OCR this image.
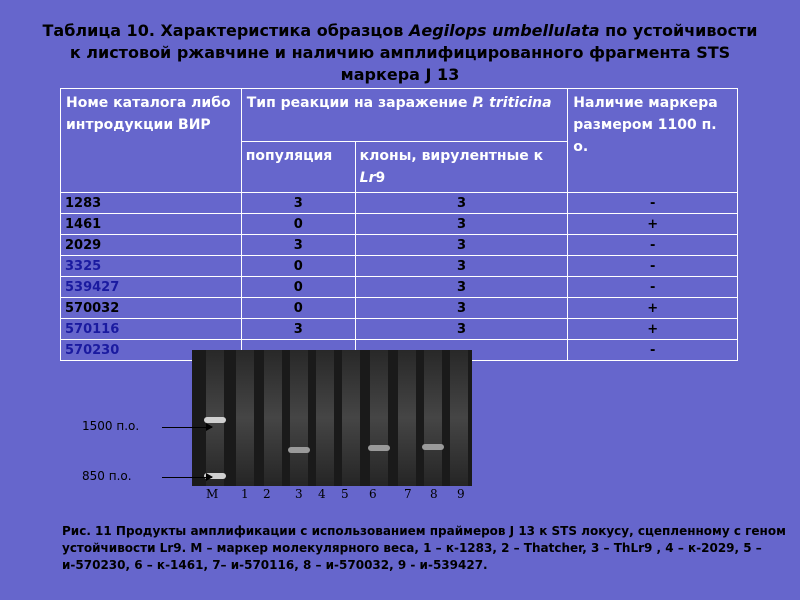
Таблица 10. Характеристика образцов Aegilops umbellulata по устойчивости
к листовой ржавчине и наличию амплифицированного фрагмента STS
маркера J 13
Номе каталога либо интродукции ВИР	Тип реакции на заражение P. triticina		Наличие маркера размером 1100 п. о.
	популяция	клоны, вирулентные к Lr9	
1283	3	3	-
1461	0	3	+
2029	3	3	-
3325	0	3	-
539427	0	3	-
570032	0	3	+
570116	3	3	+
570230			-
1500 п.о.
850 п.о.
M 1 2 3 4 5 6 7 8 9
Рис. 11 Продукты амплификации с использованием праймеров J 13 к STS локусу, сцепленному с геном устойчивости Lr9. М – маркер молекулярного веса, 1 – к-1283, 2 – Thatcher, 3 – ThLr9 , 4 – к-2029, 5 – и-570230, 6 – к-1461, 7– и-570116, 8 – и-570032, 9 - и-539427.
